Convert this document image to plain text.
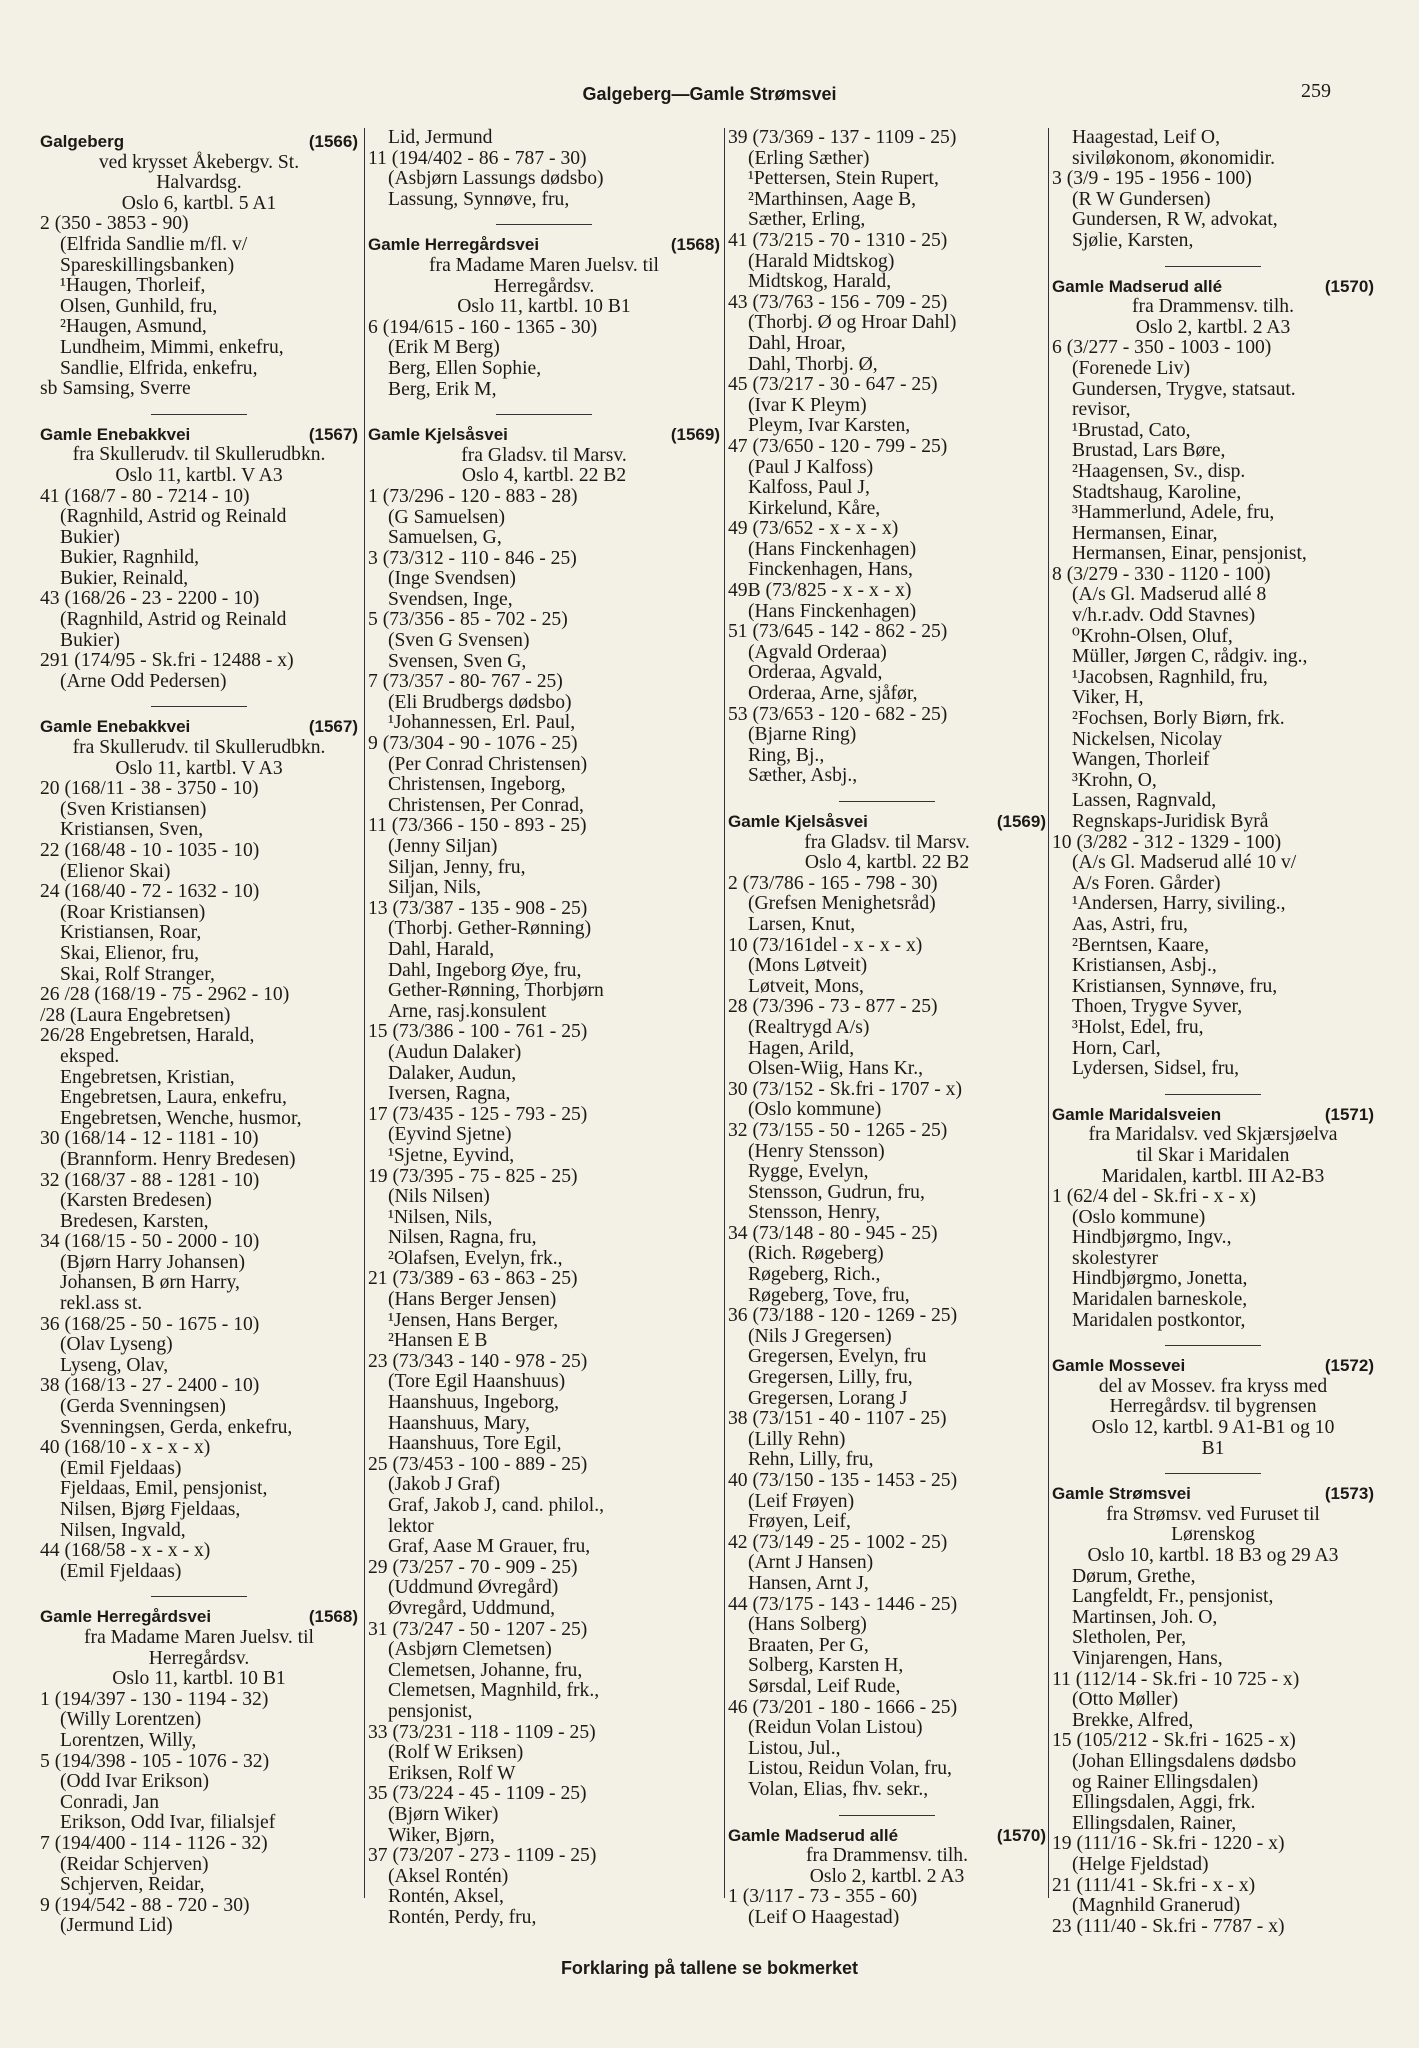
Galgeberg—Gamle Strømsvei	259
Galgeberg	(1566)
ved krysset Åkebergv. St.
Halvardsg.
Oslo 6, kartbl. 5 A1
2 (350 - 3853 - 90)
(Elfrida Sandlie m/fl. v/
Spareskillingsbanken)
¹Haugen, Thorleif,
Olsen, Gunhild, fru,
²Haugen, Asmund,
Lundheim, Mimmi, enkefru,
Sandlie, Elfrida, enkefru,
sb Samsing, Sverre
Gamle Enebakkvei	(1567)
fra Skullerudv. til Skullerudbkn.
Oslo 11, kartbl. V A3
41 (168/7 - 80 - 7214 - 10)
(Ragnhild, Astrid og Reinald
Bukier)
Bukier, Ragnhild,
Bukier, Reinald,
43 (168/26 - 23 - 2200 - 10)
(Ragnhild, Astrid og Reinald
Bukier)
291 (174/95 - Sk.fri - 12488 - x)
(Arne Odd Pedersen)
Gamle Enebakkvei	(1567)
fra Skullerudv. til Skullerudbkn.
Oslo 11, kartbl. V A3
20 (168/11 - 38 - 3750 - 10)
(Sven Kristiansen)
Kristiansen, Sven,
22 (168/48 - 10 - 1035 - 10)
(Elienor Skai)
24 (168/40 - 72 - 1632 - 10)
(Roar Kristiansen)
Kristiansen, Roar,
Skai, Elienor, fru,
Skai, Rolf Stranger,
26 /28 (168/19 - 75 - 2962 - 10)
/28 (Laura Engebretsen)
26/28 Engebretsen, Harald,
eksped.
Engebretsen, Kristian,
Engebretsen, Laura, enkefru,
Engebretsen, Wenche, husmor,
30 (168/14 - 12 - 1181 - 10)
(Brannform. Henry Bredesen)
32 (168/37 - 88 - 1281 - 10)
(Karsten Bredesen)
Bredesen, Karsten,
34 (168/15 - 50 - 2000 - 10)
(Bjørn Harry Johansen)
Johansen, B ørn Harry,
rekl.ass st.
36 (168/25 - 50 - 1675 - 10)
(Olav Lyseng)
Lyseng, Olav,
38 (168/13 - 27 - 2400 - 10)
(Gerda Svenningsen)
Svenningsen, Gerda, enkefru,
40 (168/10 - x - x - x)
(Emil Fjeldaas)
Fjeldaas, Emil, pensjonist,
Nilsen, Bjørg Fjeldaas,
Nilsen, Ingvald,
44 (168/58 - x - x - x)
(Emil Fjeldaas)
Gamle Herregårdsvei	(1568)
fra Madame Maren Juelsv. til
Herregårdsv.
Oslo 11, kartbl. 10 B1
1 (194/397 - 130 - 1194 - 32)
(Willy Lorentzen)
Lorentzen, Willy,
5 (194/398 - 105 - 1076 - 32)
(Odd Ivar Erikson)
Conradi, Jan
Erikson, Odd Ivar, filialsjef
7 (194/400 - 114 - 1126 - 32)
(Reidar Schjerven)
Schjerven, Reidar,
9 (194/542 - 88 - 720 - 30)
(Jermund Lid)
Lid, Jermund
11 (194/402 - 86 - 787 - 30)
(Asbjørn Lassungs dødsbo)
Lassung, Synnøve, fru,
Gamle Herregårdsvei	(1568)
fra Madame Maren Juelsv. til
Herregårdsv.
Oslo 11, kartbl. 10 B1
6 (194/615 - 160 - 1365 - 30)
(Erik M Berg)
Berg, Ellen Sophie,
Berg, Erik M,
Gamle Kjelsåsvei	(1569)
fra Gladsv. til Marsv.
Oslo 4, kartbl. 22 B2
1 (73/296 - 120 - 883 - 28)
(G Samuelsen)
Samuelsen, G,
3 (73/312 - 110 - 846 - 25)
(Inge Svendsen)
Svendsen, Inge,
5 (73/356 - 85 - 702 - 25)
(Sven G Svensen)
Svensen, Sven G,
7 (73/357 - 80- 767 - 25)
(Eli Brudbergs dødsbo)
¹Johannessen, Erl. Paul,
9 (73/304 - 90 - 1076 - 25)
(Per Conrad Christensen)
Christensen, Ingeborg,
Christensen, Per Conrad,
11 (73/366 - 150 - 893 - 25)
(Jenny Siljan)
Siljan, Jenny, fru,
Siljan, Nils,
13 (73/387 - 135 - 908 - 25)
(Thorbj. Gether-Rønning)
Dahl, Harald,
Dahl, Ingeborg Øye, fru,
Gether-Rønning, Thorbjørn
Arne, rasj.konsulent
15 (73/386 - 100 - 761 - 25)
(Audun Dalaker)
Dalaker, Audun,
Iversen, Ragna,
17 (73/435 - 125 - 793 - 25)
(Eyvind Sjetne)
¹Sjetne, Eyvind,
19 (73/395 - 75 - 825 - 25)
(Nils Nilsen)
¹Nilsen, Nils,
Nilsen, Ragna, fru,
²Olafsen, Evelyn, frk.,
21 (73/389 - 63 - 863 - 25)
(Hans Berger Jensen)
¹Jensen, Hans Berger,
²Hansen E B
23 (73/343 - 140 - 978 - 25)
(Tore Egil Haanshuus)
Haanshuus, Ingeborg,
Haanshuus, Mary,
Haanshuus, Tore Egil,
25 (73/453 - 100 - 889 - 25)
(Jakob J Graf)
Graf, Jakob J, cand. philol.,
lektor
Graf, Aase M Grauer, fru,
29 (73/257 - 70 - 909 - 25)
(Uddmund Øvregård)
Øvregård, Uddmund,
31 (73/247 - 50 - 1207 - 25)
(Asbjørn Clemetsen)
Clemetsen, Johanne, fru,
Clemetsen, Magnhild, frk.,
pensjonist,
33 (73/231 - 118 - 1109 - 25)
(Rolf W Eriksen)
Eriksen, Rolf W
35 (73/224 - 45 - 1109 - 25)
(Bjørn Wiker)
Wiker, Bjørn,
37 (73/207 - 273 - 1109 - 25)
(Aksel Rontén)
Rontén, Aksel,
Rontén, Perdy, fru,
39 (73/369 - 137 - 1109 - 25)
(Erling Sæther)
¹Pettersen, Stein Rupert,
²Marthinsen, Aage B,
Sæther, Erling,
41 (73/215 - 70 - 1310 - 25)
(Harald Midtskog)
Midtskog, Harald,
43 (73/763 - 156 - 709 - 25)
(Thorbj. Ø og Hroar Dahl)
Dahl, Hroar,
Dahl, Thorbj. Ø,
45 (73/217 - 30 - 647 - 25)
(Ivar K Pleym)
Pleym, Ivar Karsten,
47 (73/650 - 120 - 799 - 25)
(Paul J Kalfoss)
Kalfoss, Paul J,
Kirkelund, Kåre,
49 (73/652 - x - x - x)
(Hans Finckenhagen)
Finckenhagen, Hans,
49B (73/825 - x - x - x)
(Hans Finckenhagen)
51 (73/645 - 142 - 862 - 25)
(Agvald Orderaa)
Orderaa, Agvald,
Orderaa, Arne, sjåfør,
53 (73/653 - 120 - 682 - 25)
(Bjarne Ring)
Ring, Bj.,
Sæther, Asbj.,
Gamle Kjelsåsvei	(1569)
fra Gladsv. til Marsv.
Oslo 4, kartbl. 22 B2
2 (73/786 - 165 - 798 - 30)
(Grefsen Menighetsråd)
Larsen, Knut,
10 (73/161del - x - x - x)
(Mons Løtveit)
Løtveit, Mons,
28 (73/396 - 73 - 877 - 25)
(Realtrygd A/s)
Hagen, Arild,
Olsen-Wiig, Hans Kr.,
30 (73/152 - Sk.fri - 1707 - x)
(Oslo kommune)
32 (73/155 - 50 - 1265 - 25)
(Henry Stensson)
Rygge, Evelyn,
Stensson, Gudrun, fru,
Stensson, Henry,
34 (73/148 - 80 - 945 - 25)
(Rich. Røgeberg)
Røgeberg, Rich.,
Røgeberg, Tove, fru,
36 (73/188 - 120 - 1269 - 25)
(Nils J Gregersen)
Gregersen, Evelyn, fru
Gregersen, Lilly, fru,
Gregersen, Lorang J
38 (73/151 - 40 - 1107 - 25)
(Lilly Rehn)
Rehn, Lilly, fru,
40 (73/150 - 135 - 1453 - 25)
(Leif Frøyen)
Frøyen, Leif,
42 (73/149 - 25 - 1002 - 25)
(Arnt J Hansen)
Hansen, Arnt J,
44 (73/175 - 143 - 1446 - 25)
(Hans Solberg)
Braaten, Per G,
Solberg, Karsten H,
Sørsdal, Leif Rude,
46 (73/201 - 180 - 1666 - 25)
(Reidun Volan Listou)
Listou, Jul.,
Listou, Reidun Volan, fru,
Volan, Elias, fhv. sekr.,
Gamle Madserud allé	(1570)
fra Drammensv. tilh.
Oslo 2, kartbl. 2 A3
1 (3/117 - 73 - 355 - 60)
(Leif O Haagestad)
Haagestad, Leif O,
siviløkonom, økonomidir.
3 (3/9 - 195 - 1956 - 100)
(R W Gundersen)
Gundersen, R W, advokat,
Sjølie, Karsten,
Gamle Madserud allé	(1570)
fra Drammensv. tilh.
Oslo 2, kartbl. 2 A3
6 (3/277 - 350 - 1003 - 100)
(Forenede Liv)
Gundersen, Trygve, statsaut.
revisor,
¹Brustad, Cato,
Brustad, Lars Børe,
²Haagensen, Sv., disp.
Stadtshaug, Karoline,
³Hammerlund, Adele, fru,
Hermansen, Einar,
Hermansen, Einar, pensjonist,
8 (3/279 - 330 - 1120 - 100)
(A/s Gl. Madserud allé 8
v/h.r.adv. Odd Stavnes)
⁰Krohn-Olsen, Oluf,
Müller, Jørgen C, rådgiv. ing.,
¹Jacobsen, Ragnhild, fru,
Viker, H,
²Fochsen, Borly Biørn, frk.
Nickelsen, Nicolay
Wangen, Thorleif
³Krohn, O,
Lassen, Ragnvald,
Regnskaps-Juridisk Byrå
10 (3/282 - 312 - 1329 - 100)
(A/s Gl. Madserud allé 10 v/
A/s Foren. Gårder)
¹Andersen, Harry, siviling.,
Aas, Astri, fru,
²Berntsen, Kaare,
Kristiansen, Asbj.,
Kristiansen, Synnøve, fru,
Thoen, Trygve Syver,
³Holst, Edel, fru,
Horn, Carl,
Lydersen, Sidsel, fru,
Gamle Maridalsveien	(1571)
fra Maridalsv. ved Skjærsjøelva
til Skar i Maridalen
Maridalen, kartbl. III A2-B3
1 (62/4 del - Sk.fri - x - x)
(Oslo kommune)
Hindbjørgmo, Ingv.,
skolestyrer
Hindbjørgmo, Jonetta,
Maridalen barneskole,
Maridalen postkontor,
Gamle Mossevei	(1572)
del av Mossev. fra kryss med
Herregårdsv. til bygrensen
Oslo 12, kartbl. 9 A1-B1 og 10
B1
Gamle Strømsvei	(1573)
fra Strømsv. ved Furuset til
Lørenskog
Oslo 10, kartbl. 18 B3 og 29 A3
Dørum, Grethe,
Langfeldt, Fr., pensjonist,
Martinsen, Joh. O,
Sletholen, Per,
Vinjarengen, Hans,
11 (112/14 - Sk.fri - 10 725 - x)
(Otto Møller)
Brekke, Alfred,
15 (105/212 - Sk.fri - 1625 - x)
(Johan Ellingsdalens dødsbo
og Rainer Ellingsdalen)
Ellingsdalen, Aggi, frk.
Ellingsdalen, Rainer,
19 (111/16 - Sk.fri - 1220 - x)
(Helge Fjeldstad)
21 (111/41 - Sk.fri - x - x)
(Magnhild Granerud)
23 (111/40 - Sk.fri - 7787 - x)
Forklaring på tallene se bokmerket
